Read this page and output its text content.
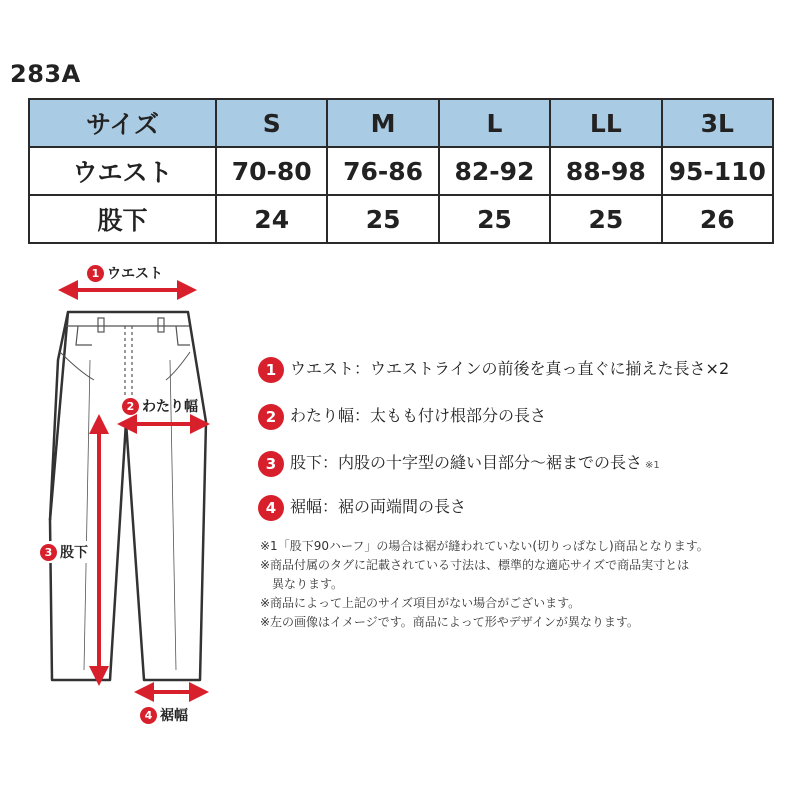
283A
サイズ	S	M	L	LL	3L
ウエスト	70-80	76-86	82-92	88-98	95-110
股下	24	25	25	25	26
1 ウエスト
2 わたり幅
3 股下
4 裾幅
1 ウエスト：ウエストラインの前後を真っ直ぐに揃えた長さ×2
2 わたり幅：太もも付け根部分の長さ
3 股下：内股の十字型の縫い目部分～裾までの長さ ※1
4 裾幅：裾の両端間の長さ
※1「股下90ハーフ」の場合は裾が縫われていない(切りっぱなし)商品となります。
※商品付属のタグに記載されている寸法は、標準的な適応サイズで商品実寸とは
異なります。
※商品によって上記のサイズ項目がない場合がございます。
※左の画像はイメージです。商品によって形やデザインが異なります。
